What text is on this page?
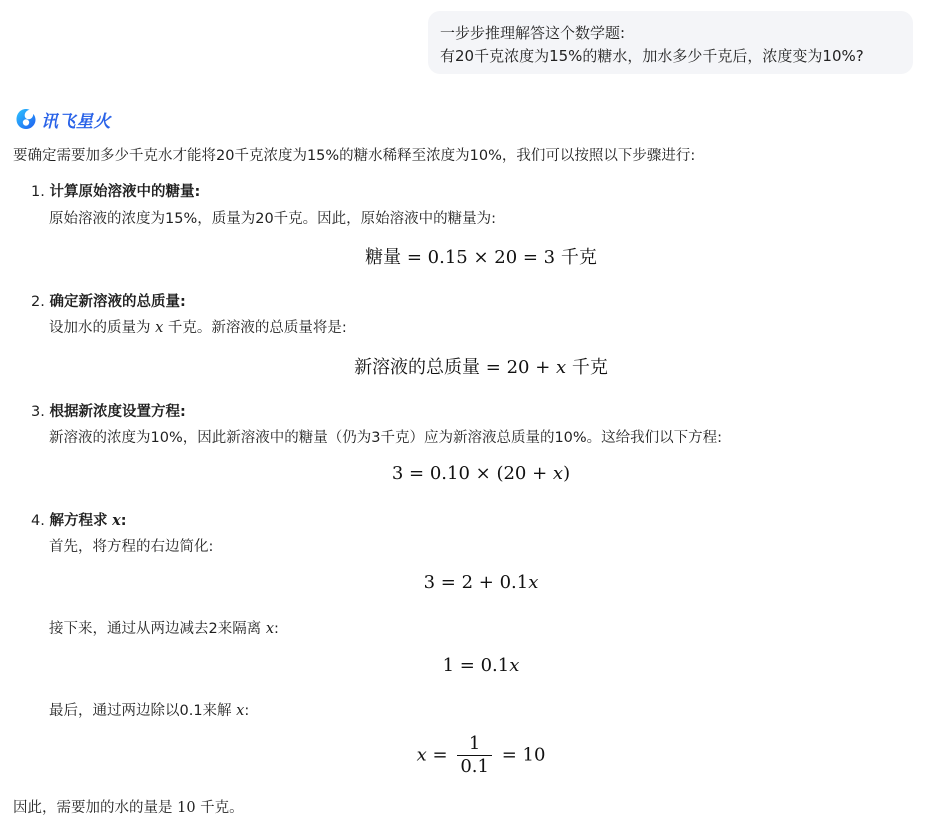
一步步推理解答这个数学题:
有20千克浓度为15%的糖水，加水多少千克后，浓度变为10%?
讯飞星火
要确定需要加多少千克水才能将20千克浓度为15%的糖水稀释至浓度为10%，我们可以按照以下步骤进行:
1. 计算原始溶液中的糖量:
原始溶液的浓度为15%，质量为20千克。因此，原始溶液中的糖量为:
糖量 = 0.15 × 20 = 3 千克
2. 确定新溶液的总质量:
设加水的质量为 x 千克。新溶液的总质量将是:
新溶液的总质量 = 20 + x 千克
3. 根据新浓度设置方程:
新溶液的浓度为10%，因此新溶液中的糖量（仍为3千克）应为新溶液总质量的10%。这给我们以下方程:
3 = 0.10 × (20 + x)
4. 解方程求 x:
首先，将方程的右边简化:
3 = 2 + 0.1x
接下来，通过从两边减去2来隔离 x:
1 = 0.1x
最后，通过两边除以0.1来解 x:
$x = \frac{1}{0.1} = 10$
因此，需要加的水的量是 10 千克。
